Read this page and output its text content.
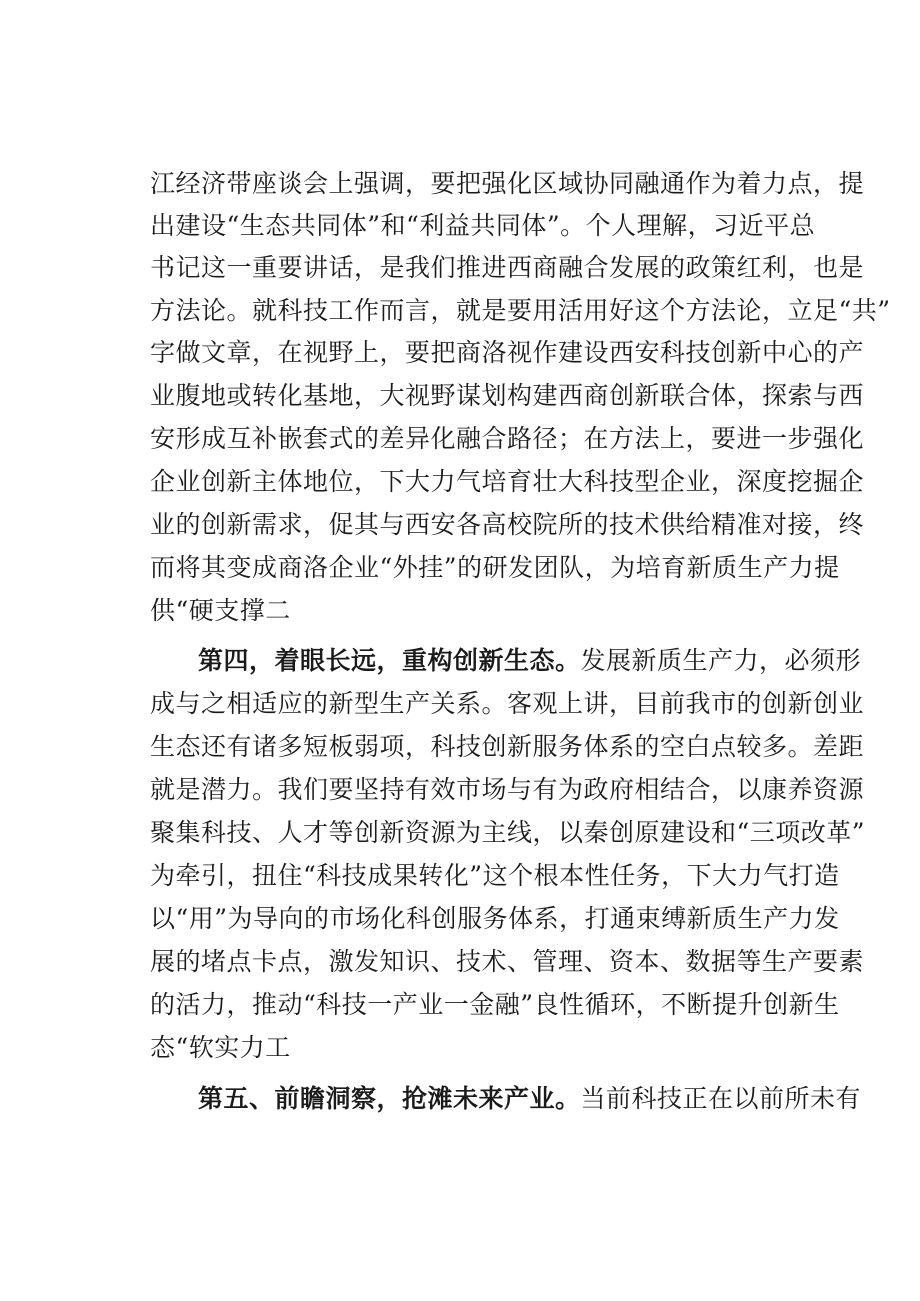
江经济带座谈会上强调，要把强化区域协同融通作为着力点，提
出建设“生态共同体”和“利益共同体”。个人理解，习近平总
书记这一重要讲话，是我们推进西商融合发展的政策红利，也是
方法论。就科技工作而言，就是要用活用好这个方法论，立足“共”
字做文章，在视野上，要把商洛视作建设西安科技创新中心的产
业腹地或转化基地，大视野谋划构建西商创新联合体，探索与西
安形成互补嵌套式的差异化融合路径；在方法上，要进一步强化
企业创新主体地位，下大力气培育壮大科技型企业，深度挖掘企
业的创新需求，促其与西安各高校院所的技术供给精准对接，终
而将其变成商洛企业“外挂”的研发团队，为培育新质生产力提
供“硬支撑二
第四，着眼长远，重构创新生态。 发展新质生产力，必须形
成与之相适应的新型生产关系。客观上讲，目前我市的创新创业
生态还有诸多短板弱项，科技创新服务体系的空白点较多。差距
就是潜力。我们要坚持有效市场与有为政府相结合，以康养资源
聚集科技、人才等创新资源为主线，以秦创原建设和“三项改革”
为牵引，扭住“科技成果转化”这个根本性任务，下大力气打造
以“用”为导向的市场化科创服务体系，打通束缚新质生产力发
展的堵点卡点，激发知识、技术、管理、资本、数据等生产要素
的活力，推动“科技一产业一金融”良性循环，不断提升创新生
态“软实力工
第五、前瞻洞察，抢滩未来产业。 当前科技正在以前所未有
